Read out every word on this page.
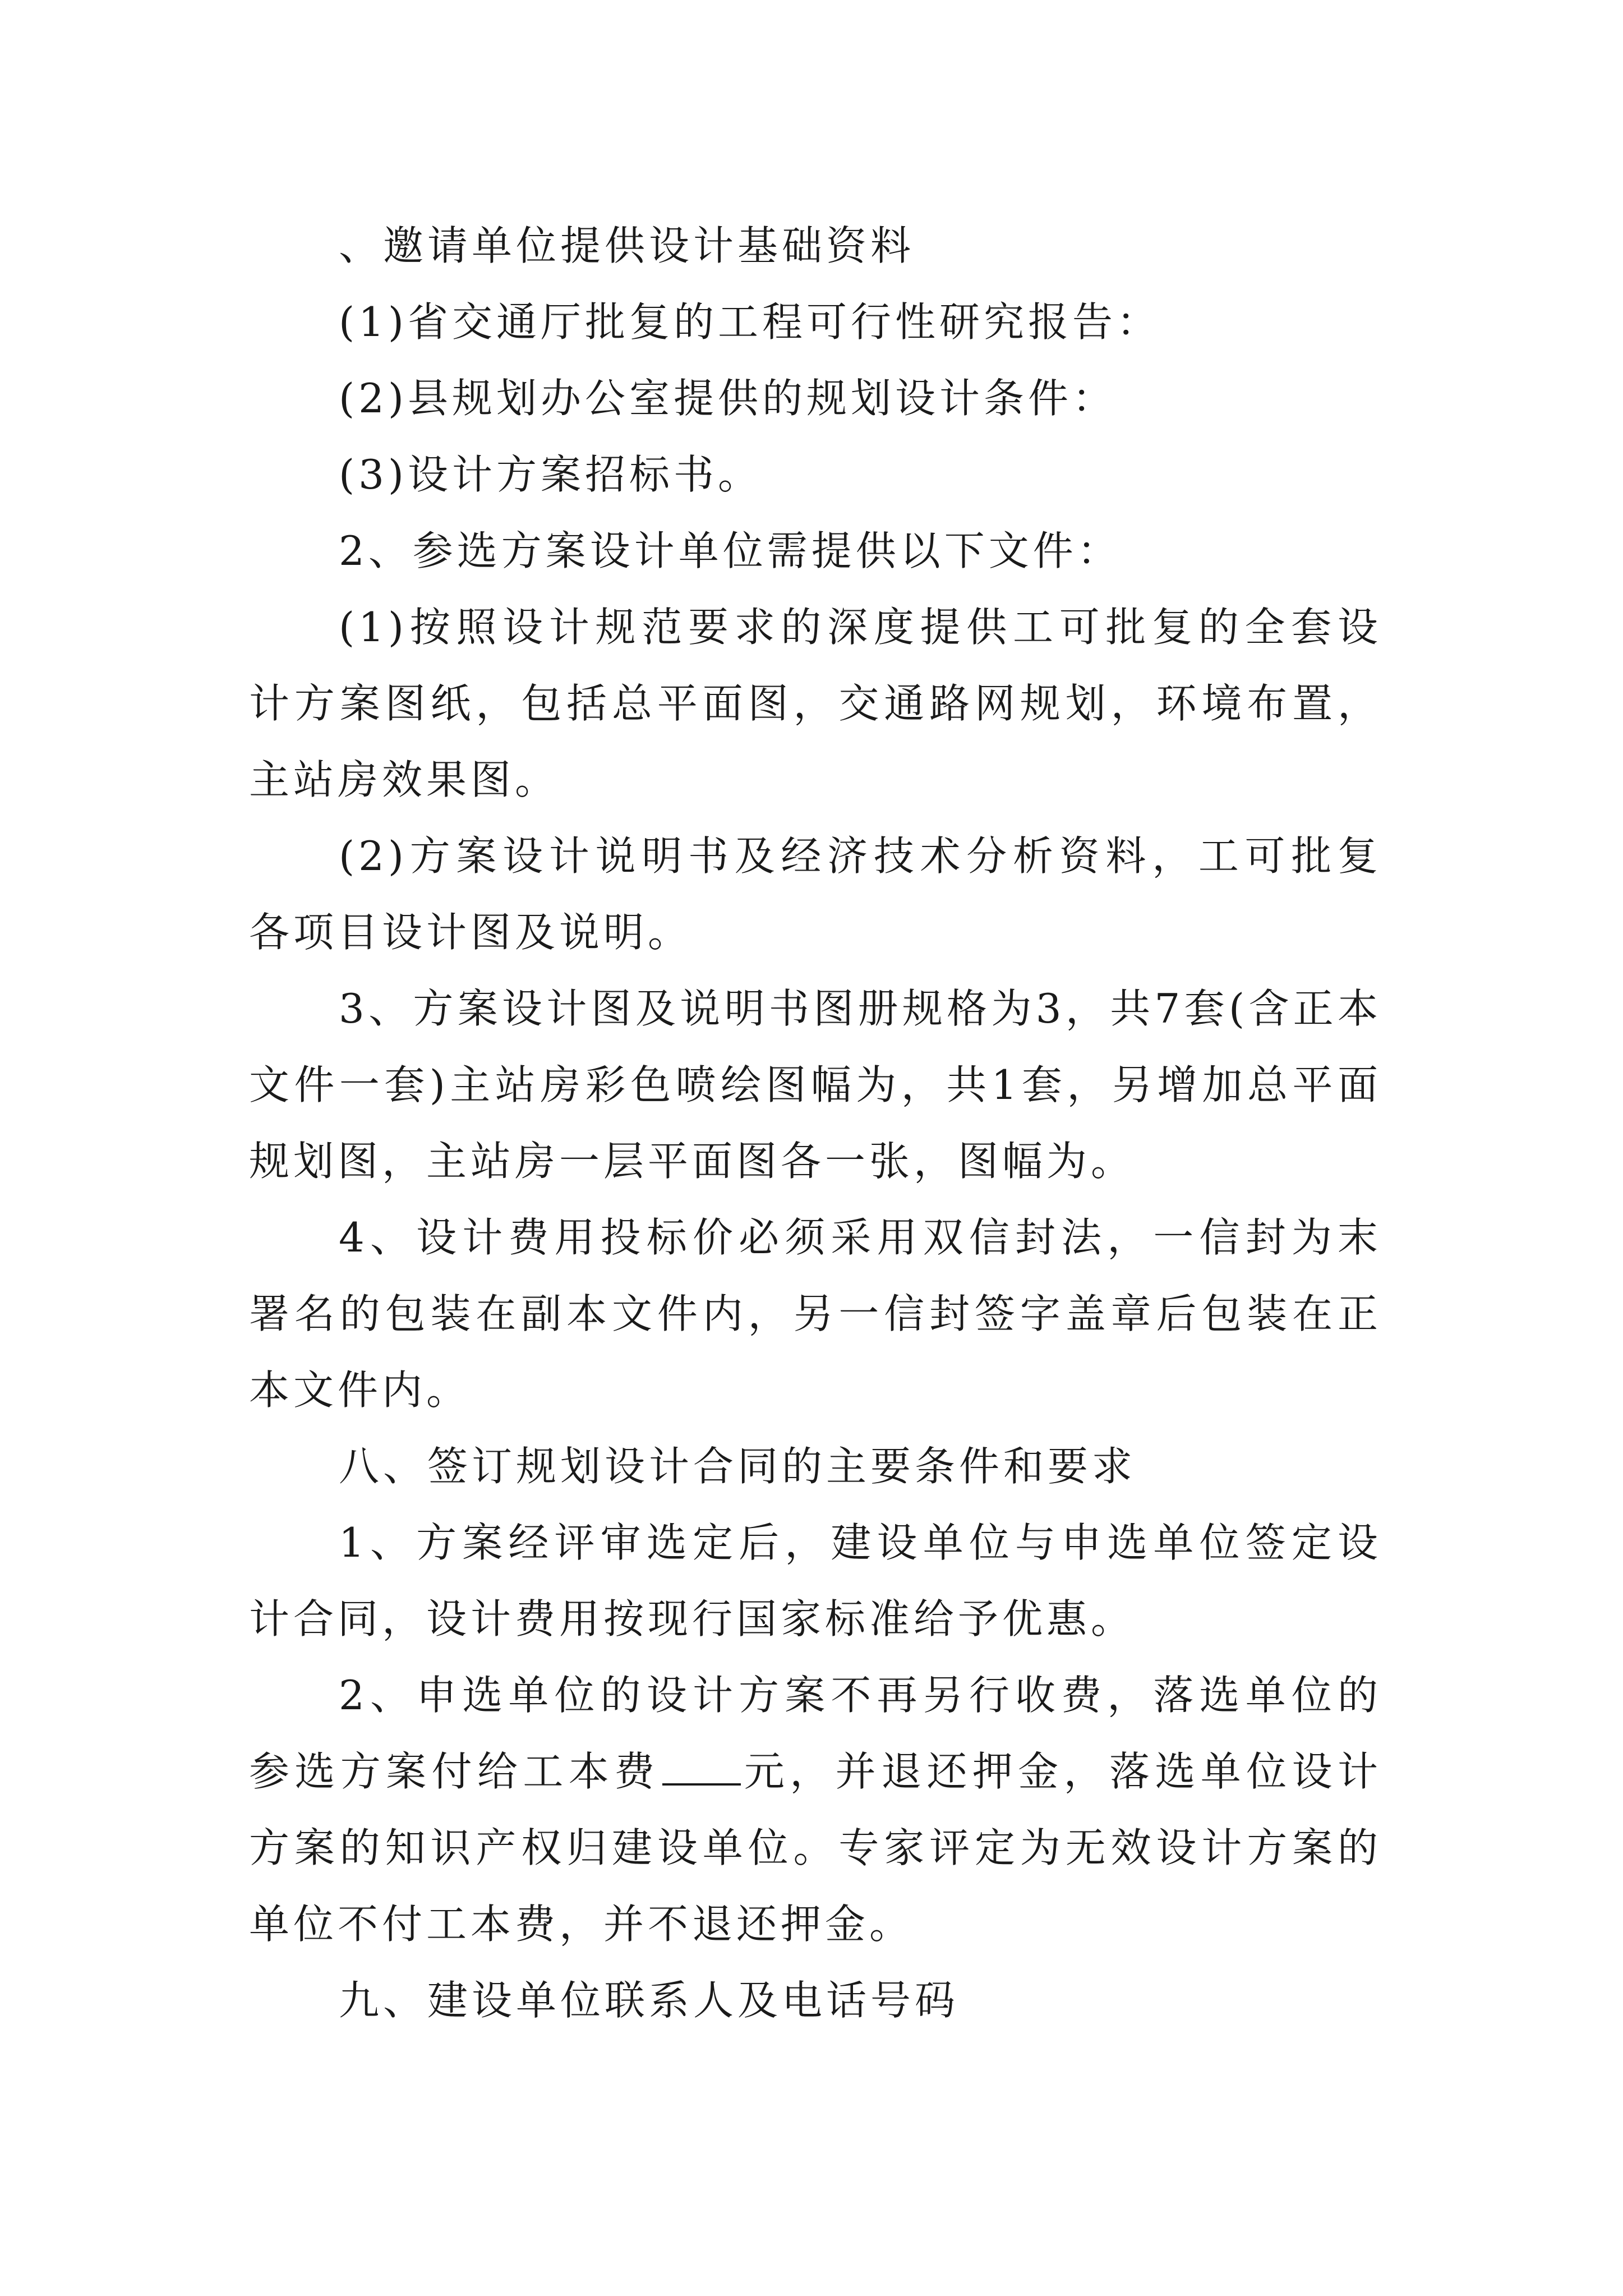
、邀请单位提供设计基础资料

(1)省交通厅批复的工程可行性研究报告：

(2)县规划办公室提供的规划设计条件：

(3)设计方案招标书。

2、参选方案设计单位需提供以下文件：

(1)按照设计规范要求的深度提供工可批复的全套设计方案图纸，包括总平面图，交通路网规划，环境布置，主站房效果图。

(2)方案设计说明书及经济技术分析资料，工可批复各项目设计图及说明。

3、方案设计图及说明书图册规格为3，共7套(含正本文件一套)主站房彩色喷绘图幅为，共1套，另增加总平面规划图，主站房一层平面图各一张，图幅为。

4、设计费用投标价必须采用双信封法，一信封为末署名的包装在副本文件内，另一信封签字盖章后包装在正本文件内。

八、签订规划设计合同的主要条件和要求

1、方案经评审选定后，建设单位与申选单位签定设计合同，设计费用按现行国家标准给予优惠。

2、申选单位的设计方案不再另行收费，落选单位的参选方案付给工本费 元，并退还押金，落选单位设计方案的知识产权归建设单位。专家评定为无效设计方案的单位不付工本费，并不退还押金。

九、建设单位联系人及电话号码
